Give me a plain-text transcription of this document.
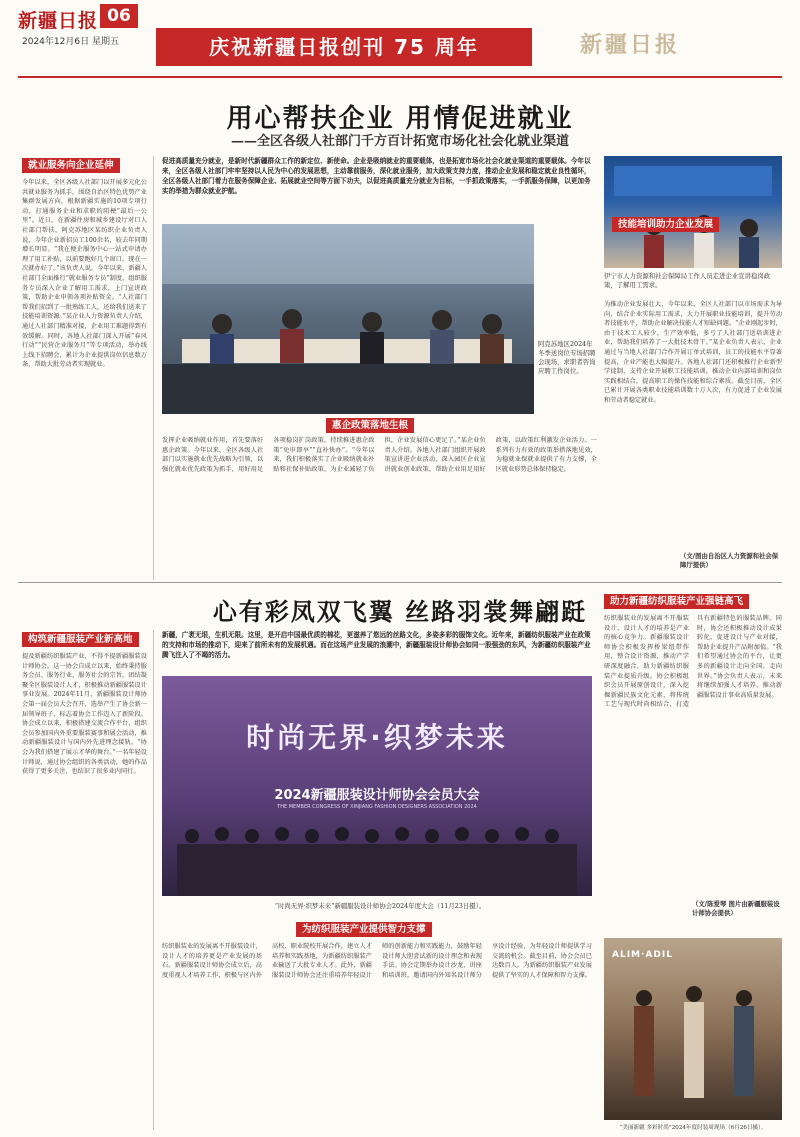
新疆日报 06
2024年12月6日 星期五	庆祝新疆日报创刊 75 周年	新疆日报
用心帮扶企业 用情促进就业
——全区各级人社部门千方百计拓宽市场化社会化就业渠道
就业服务向企业延伸
今年以来，全区各级人社部门以开展多元化公共就业服务为抓手，围绕自治区特色优势产业集群发展方向，根据新疆实施的10项专项行动，打通服务企业和求职的阻梗“最后一公里”。近日，在新疆住房和城乡建设厅对口人社部门帮扶，阿克苏地区某纺织企业负责人说，今年企业新招员工100余名，较去年同期增长明显。“我在便企服务中心一站式申请办理了用工补贴，以前要跑好几个窗口，现在一次就办好了。”该负责人说。今年以来，新疆人社部门全面推行“就业服务专员”制度，组织服务专员深入企业了解用工需求，上门宣讲政策，帮助企业申领各项补贴资金。“人社部门帮我们招到了一批熟练工人，还给我们送来了技能培训资源。”某企业人力资源负责人介绍，通过人社部门精准对接，企业用工难题得到有效缓解。同时，各地人社部门深入开展“春风行动”“民营企业服务月”等专项活动，举办线上线下招聘会，累计为企业提供岗位信息数万条，帮助大批劳动者实现就业。
促进高质量充分就业，是新时代新疆群众工作的新定位、新使命。企业是吸纳就业的重要载体，也是拓宽市场化社会化就业渠道的重要载体。今年以来，全区各级人社部门牢牢坚持以人民为中心的发展思想，主动靠前服务，深化就业服务，加大政策支持力度，推动企业发展和稳定就业良性循环，全区各级人社部门着力在服务保障企业、拓展就业空间等方面下功夫，以促进高质量充分就业为目标，一手抓政策落实，一手抓服务保障，以更加务实的举措为群众就业护航。
阿克苏地区2024年冬季送岗位专场招聘会现场，求职者咨询应聘工作岗位。
伊宁市人力资源和社会保障局工作人员走进企业宣讲稳岗政策，了解用工需求。
技能培训助力企业发展
为推动企业发展壮大，今年以来，全区人社部门以市场需求为导向，结合企业实际用工需求，大力开展职业技能培训，提升劳动者技能水平，帮助企业解决技能人才短缺问题。“企业刚起步时，由于技术工人较少，生产效率低，多亏了人社部门送培训进企业，帮助我们培养了一大批技术骨干。”某企业负责人表示，企业通过与当地人社部门合作开展订单式培训，员工的技能水平显著提高，企业产能也大幅提升。各地人社部门还积极推行企业新型学徒制，支持企业开展职工技能培训，推动企业内部培训和岗位实践相结合，提高职工的操作技能和综合素质。截至目前，全区已累计开展各类职业技能培训数十万人次，有力促进了企业发展和劳动者稳定就业。
惠企政策落地生根
发挥企业吸纳就业作用，首先要落好惠企政策。今年以来，全区各级人社部门以实施就业优先战略为引领，以强化就业优先政策为抓手，用好用足各项稳岗扩岗政策，持续推进惠企政策“免申即享”“直补快办”。“今年以来，我们积极落实了企业吸纳就业补贴和社保补贴政策，为企业减轻了负担，企业发展信心更足了。”某企业负责人介绍。各地人社部门组织开展政策宣讲进企业活动，深入园区企业宣讲就业创业政策，帮助企业用足用好政策，以政策红利激发企业活力。一系列有力有效的政策举措落地见效，为稳就业保就业提供了有力支撑，全区就业形势总体保持稳定。
（文/图由自治区人力资源和社会保障厅提供）
心有彩凤双飞翼 丝路羽裳舞翩跹
构筑新疆服装产业新高地
提及新疆纺织服装产业，不得不提新疆服装设计师协会。这一协会自成立以来，始终秉持服务会员、服务行业、服务社会的宗旨，团结凝聚全区服装设计人才，积极推动新疆服装设计事业发展。2024年11月，新疆服装设计师协会第一届会员大会召开，选举产生了协会新一届领导班子，标志着协会工作迈入了新阶段。协会成立以来，积极搭建交流合作平台，组织会员参加国内外重要服装赛事和展会活动，推动新疆服装设计与国内外先进理念接轨。“协会为我们搭建了展示才华的舞台。”一名年轻设计师说，通过协会组织的各类活动，她的作品获得了更多关注，也结识了很多业内同行。
新疆，广袤无垠，生机无限。这里，是开启中国最优质的棉花，更滋养了悠远的丝路文化，多姿多彩的服饰文化。近年来，新疆纺织服装产业在政策的支持和市场的推动下，迎来了前所未有的发展机遇。而在这场产业发展的浪潮中，新疆服装设计师协会如同一股强劲的东风，为新疆纺织服装产业腾飞注入了不竭的活力。
时尚无界·织梦未来
2024新疆服装设计师协会会员大会
THE MEMBER CONGRESS OF XINJIANG FASHION DESIGNERS ASSOCIATION 2024
“时尚无界·织梦未来”新疆服装设计师协会2024年度大会（11月23日摄）。
为纺织服装产业提供智力支撑
纺织服装业的发展离不开服装设计，设计人才的培养更是产业发展的基石。新疆服装设计师协会成立后，高度重视人才培养工作，积极与区内外高校、职业院校开展合作，建立人才培养和实践基地，为新疆纺织服装产业输送了大批专业人才。此外，新疆服装设计师协会还注重培养年轻设计师的创新能力和实践能力，鼓励年轻设计师大胆尝试新的设计理念和表现手法。协会定期举办设计沙龙、讲座和培训班，邀请国内外知名设计师分享设计经验，为年轻设计师提供学习交流的机会。截至目前，协会会员已达数百人，为新疆纺织服装产业发展提供了坚实的人才保障和智力支撑。
助力新疆纺织服装产业强链高飞
纺织服装业的发展离不开服装设计，设计人才的培养是产业的核心竞争力。新疆服装设计师协会积极发挥桥梁纽带作用，整合设计资源，推动产学研深度融合，助力新疆纺织服装产业提质升级。协会积极组织会员开展原创设计，深入挖掘新疆民族文化元素，将传统工艺与现代时尚相结合，打造具有新疆特色的服装品牌。同时，协会还积极推动设计成果转化，促进设计与产业对接，帮助企业提升产品附加值。“我们希望通过协会的平台，让更多的新疆设计走向全国、走向世界。”协会负责人表示，未来将继续加强人才培养，推动新疆服装设计事业高质量发展。
（文/陈爱琴 图片由新疆服装设计师协会提供）
ALIM·ADIL
“美丽新疆 多彩时尚”2024年度时装周现场（6月26日摄）。
